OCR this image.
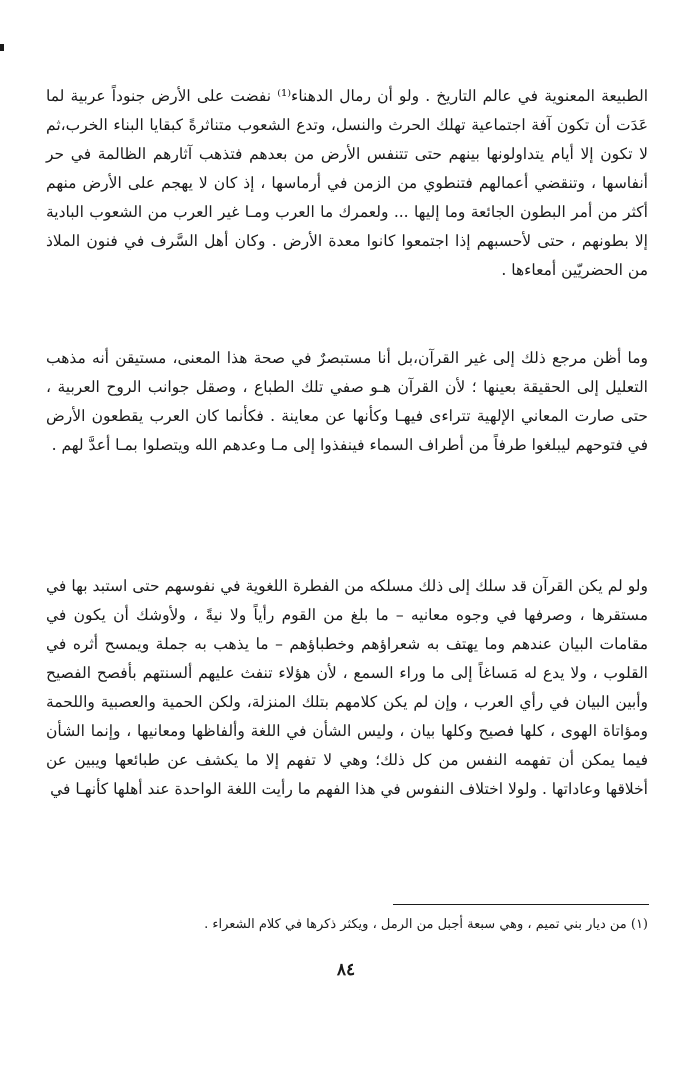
الطبيعة المعنوية في عالم التاريخ . ولو أن رمال الدهناء⁽¹⁾ نفضت على الأرض جنوداً عربية لما عَدَت أن تكون آفة اجتماعية تهلك الحرث والنسل، وتدع الشعوب متناثرةً كبقايا البناء الخرب،ثم لا تكون إلا أيام يتداولونها بينهم حتى تتنفس الأرض من بعدهم فتذهب آثارهم الظالمة في حر أنفاسها ، وتنقضي أعمالهم فتنطوي من الزمن في أرماسها ، إذ كان لا يهجم على الأرض منهم أكثر من أمر البطون الجائعة وما إليها ... ولعمرك ما العرب ومـا غير العرب من الشعوب البادية إلا بطونهم ، حتى لأحسبهم إذا اجتمعوا كانوا معدة الأرض . وكان أهل السَّرف في فنون الملاذ من الحضريّين أمعاءها .

وما أظن مرجع ذلك إلى غير القرآن،بل أنا مستبصرٌ في صحة هذا المعنى، مستيقن أنه مذهب التعليل إلى الحقيقة بعينها ؛ لأن القرآن هـو صفي تلك الطباع ، وصقل جوانب الروح العربية ، حتى صارت المعاني الإلهية تتراءى فيهـا وكأنها عن معاينة . فكأنما كان العرب يقطعون الأرض في فتوحهم ليبلغوا طرفاً من أطراف السماء فينفذوا إلى مـا وعدهم الله ويتصلوا بمـا أعدَّ لهم .

ولو لم يكن القرآن قد سلك إلى ذلك مسلكه من الفطرة اللغوية في نفوسهم حتى استبد بها في مستقرها ، وصرفها في وجوه معانيه – ما بلغ من القوم رأياً ولا نيةً ، ولأوشك أن يكون في مقامات البيان عندهم وما يهتف به شعراؤهم وخطباؤهم – ما يذهب به جملة ويمسح أثره في القلوب ، ولا يدع له مَساغاً إلى ما وراء السمع ، لأن هؤلاء تنفث عليهم ألسنتهم بأفصح الفصيح وأبين البيان في رأي العرب ، وإن لم يكن كلامهم بتلك المنزلة، ولكن الحمية والعصبية واللحمة ومؤاتاة الهوى ، كلها فصيح وكلها بيان ، وليس الشأن في اللغة وألفاظها ومعانيها ، وإنما الشأن فيما يمكن أن تفهمه النفس من كل ذلك؛ وهي لا تفهم إلا ما يكشف عن طبائعها ويبين عن أخلاقها وعاداتها . ولولا اختلاف النفوس في هذا الفهم ما رأيت اللغة الواحدة عند أهلها كأنهـا في

(١) من ديار بني تميم ، وهي سبعة أجبل من الرمل ، ويكثر ذكرها في كلام الشعراء .

٨٤
